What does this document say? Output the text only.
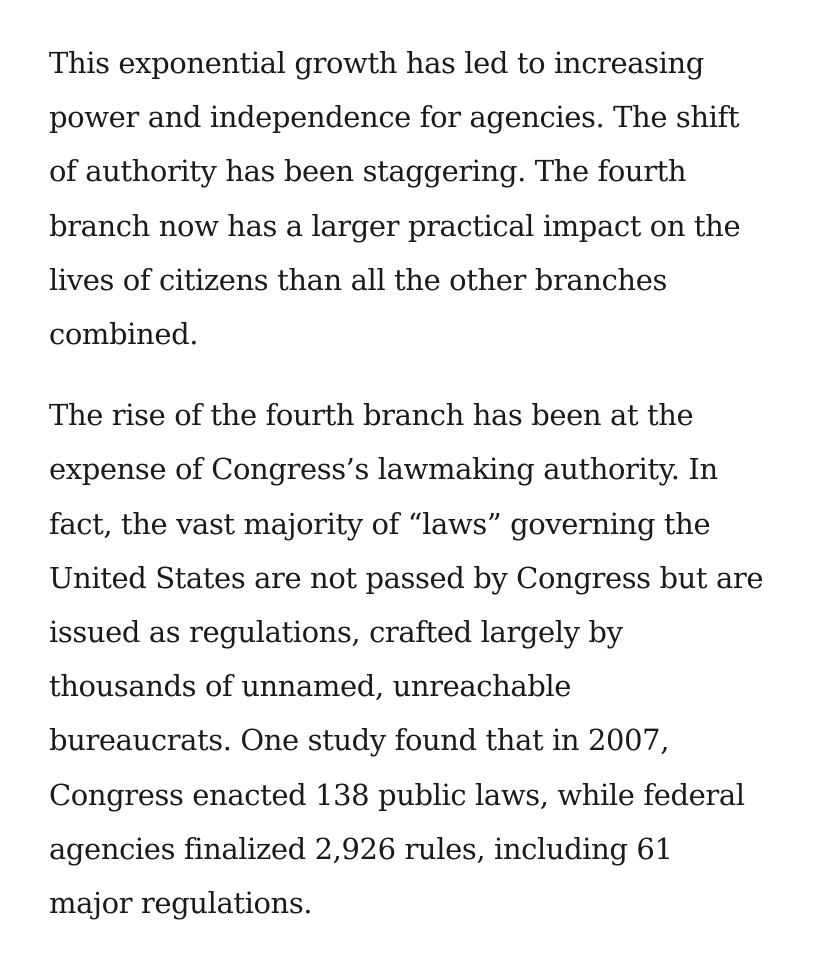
This exponential growth has led to increasing
power and independence for agencies. The shift
of authority has been staggering. The fourth
branch now has a larger practical impact on the
lives of citizens than all the other branches
combined.

The rise of the fourth branch has been at the
expense of Congress’s lawmaking authority. In
fact, the vast majority of “laws” governing the
United States are not passed by Congress but are
issued as regulations, crafted largely by
thousands of unnamed, unreachable
bureaucrats. One study found that in 2007,
Congress enacted 138 public laws, while federal
agencies finalized 2,926 rules, including 61
major regulations.
